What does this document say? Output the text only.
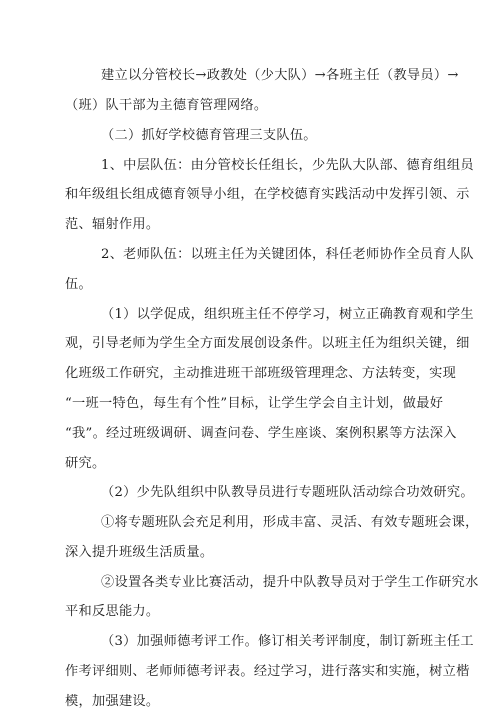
建立以分管校长→政教处（少大队）→各班主任（教导员）→
（班）队干部为主德育管理网络。
（二）抓好学校德育管理三支队伍。
1、中层队伍：由分管校长任组长，少先队大队部、德育组组员
和年级组长组成德育领导小组，在学校德育实践活动中发挥引领、示
范、辐射作用。
2、老师队伍：以班主任为关键团体，科任老师协作全员育人队
伍。
（1）以学促成，组织班主任不停学习，树立正确教育观和学生
观，引导老师为学生全方面发展创设条件。以班主任为组织关键，细
化班级工作研究，主动推进班干部班级管理理念、方法转变，实现
“一班一特色，每生有个性”目标，让学生学会自主计划，做最好
“我”。经过班级调研、调查问卷、学生座谈、案例积累等方法深入
研究。
（2）少先队组织中队教导员进行专题班队活动综合功效研究。
①将专题班队会充足利用，形成丰富、灵活、有效专题班会课，
深入提升班级生活质量。
②设置各类专业比赛活动，提升中队教导员对于学生工作研究水
平和反思能力。
（3）加强师德考评工作。修订相关考评制度，制订新班主任工
作考评细则、老师师德考评表。经过学习，进行落实和实施，树立楷
模，加强建设。
